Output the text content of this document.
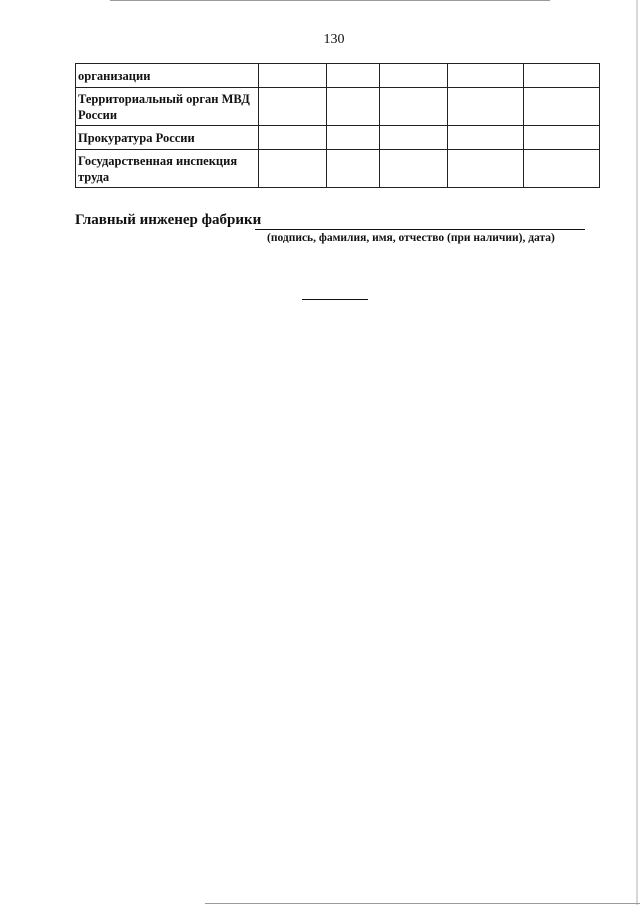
130
организации					
Территориальный орган МВД России					
Прокуратура России					
Государственная инспекция труда					
Главный инженер фабрики
(подпись, фамилия, имя, отчество (при наличии), дата)
